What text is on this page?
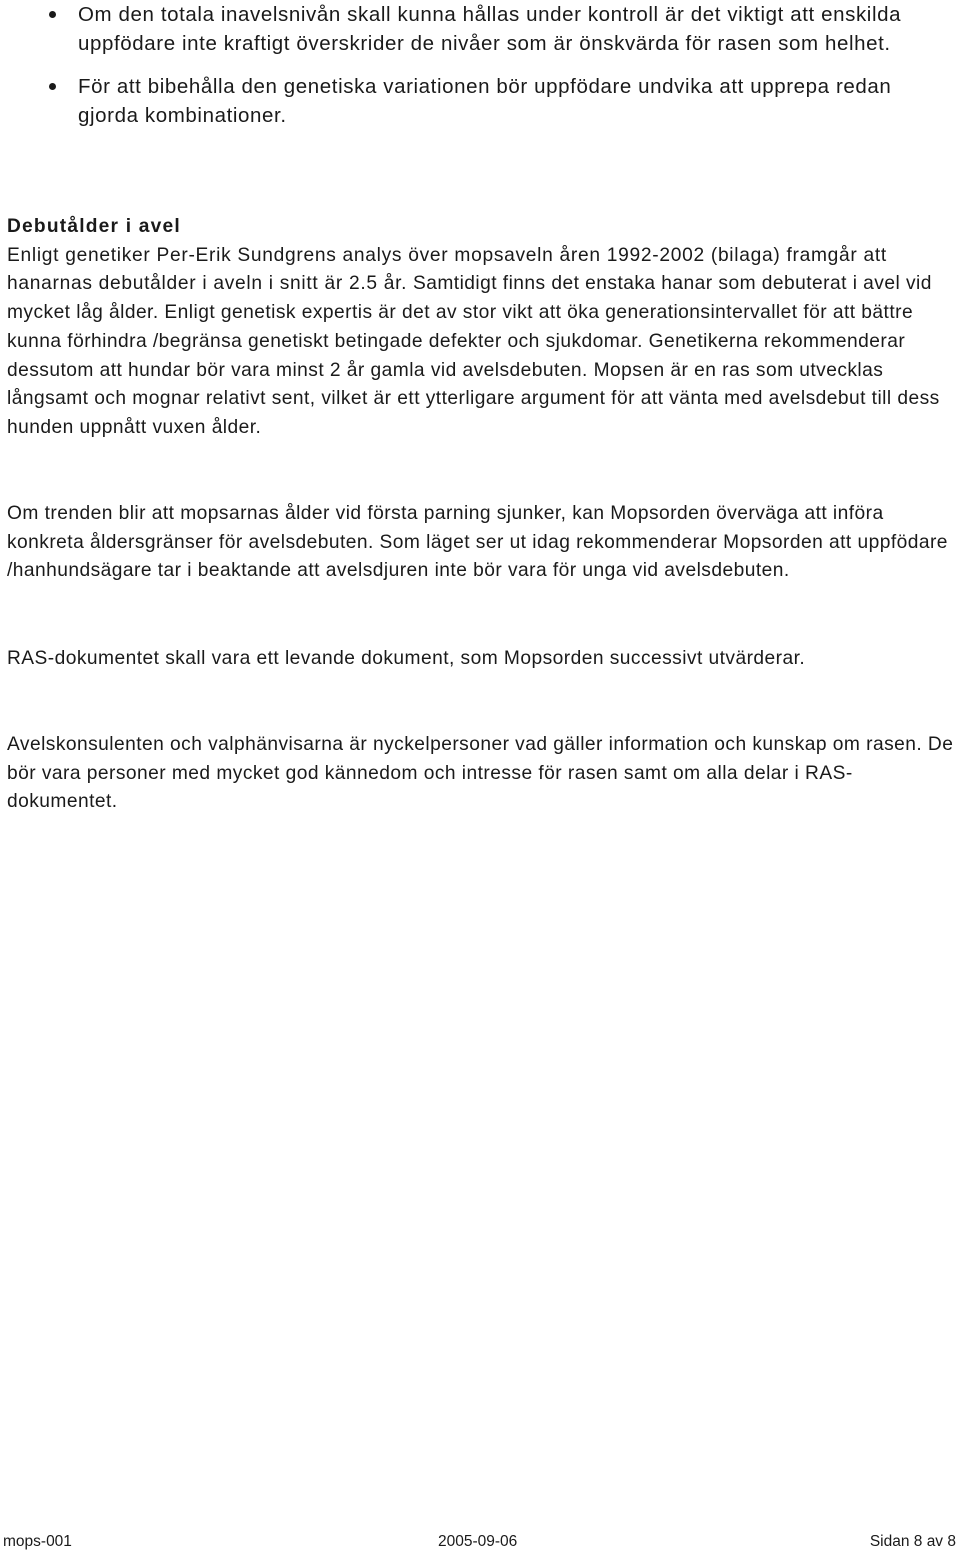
Om den totala inavelsnivån skall kunna hållas under kontroll är det viktigt att enskilda uppfödare inte kraftigt överskrider de nivåer som är önskvärda för rasen som helhet.
För att bibehålla den genetiska variationen bör uppfödare undvika att upprepa redan gjorda kombinationer.
Debutålder i avel
Enligt genetiker Per-Erik Sundgrens analys över mopsaveln åren 1992-2002 (bilaga) framgår att hanarnas debutålder i aveln i snitt är 2.5 år. Samtidigt finns det enstaka hanar som debuterat i avel vid mycket låg ålder. Enligt genetisk expertis är det av stor vikt att öka generationsintervallet för att bättre kunna förhindra /begränsa genetiskt betingade defekter och sjukdomar. Genetikerna rekommenderar dessutom att hundar bör vara minst 2 år gamla vid avelsdebuten. Mopsen är en ras som utvecklas långsamt och mognar relativt sent, vilket är ett ytterligare argument för att vänta med avelsdebut till dess hunden uppnått vuxen ålder.
Om trenden blir att mopsarnas ålder vid första parning sjunker, kan Mopsorden överväga att införa konkreta åldersgränser för avelsdebuten. Som läget ser ut idag rekommenderar Mopsorden att uppfödare /hanhundsägare tar i beaktande att avelsdjuren inte bör vara för unga vid avelsdebuten.
RAS-dokumentet skall vara ett levande dokument, som Mopsorden successivt utvärderar.
Avelskonsulenten och valphänvisarna är nyckelpersoner vad gäller information och kunskap om rasen. De bör vara personer med mycket god kännedom och intresse för rasen samt om alla delar i RAS-dokumentet.
mops-001	2005-09-06	Sidan 8 av 8
